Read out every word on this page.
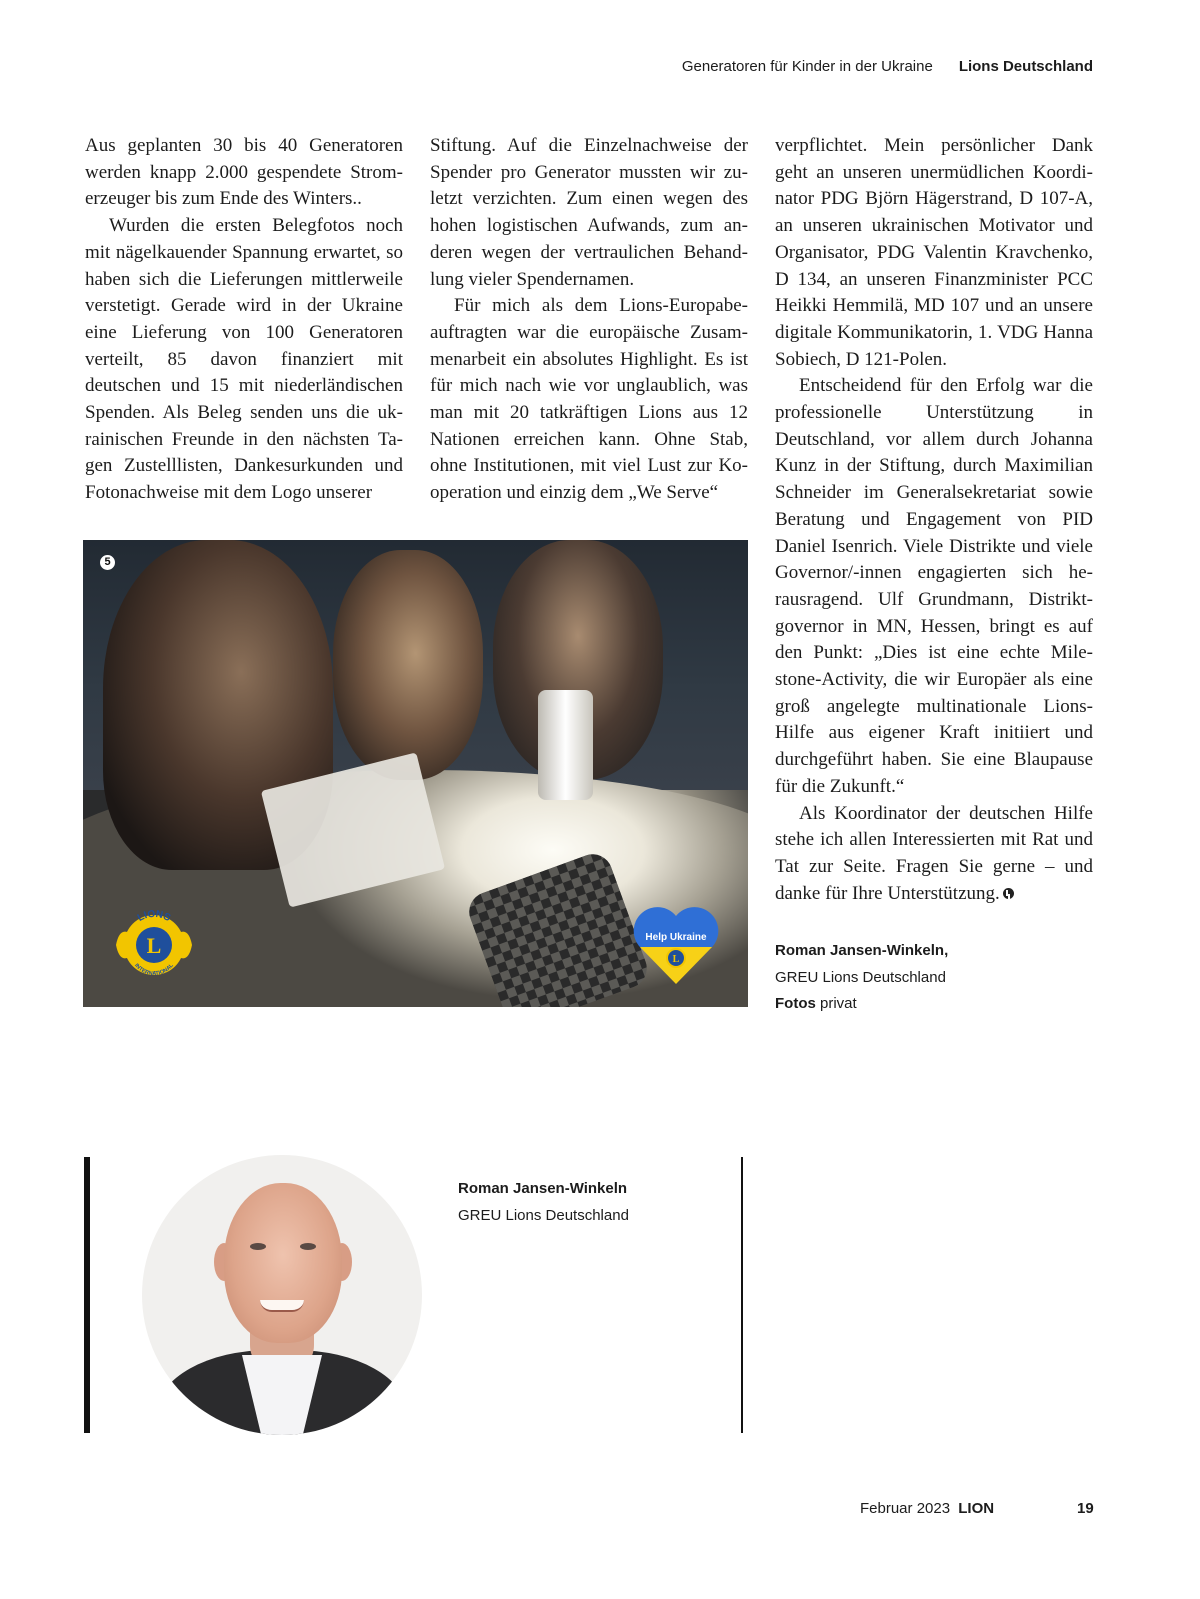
Generatoren für Kinder in der Ukraine Lions Deutschland

Aus geplanten 30 bis 40 Generatoren werden knapp 2.000 gespendete Stromerzeuger bis zum Ende des Winters..

Wurden die ersten Belegfotos noch mit nägelkauender Spannung erwartet, so haben sich die Lieferungen mittlerweile verstetigt. Gerade wird in der Ukraine eine Lieferung von 100 Generatoren verteilt, 85 davon finanziert mit deutschen und 15 mit niederländischen Spenden. Als Beleg senden uns die ukrainischen Freunde in den nächsten Tagen Zustelllisten, Dankesurkunden und Fotonachweise mit dem Logo unserer

Stiftung. Auf die Einzelnachweise der Spender pro Generator mussten wir zuletzt verzichten. Zum einen wegen des hohen logistischen Aufwands, zum anderen wegen der vertraulichen Behandlung vieler Spendernamen.

Für mich als dem Lions-Europabeauftragten war die europäische Zusammenarbeit ein absolutes Highlight. Es ist für mich nach wie vor unglaublich, was man mit 20 tatkräftigen Lions aus 12 Nationen erreichen kann. Ohne Stab, ohne Institutionen, mit viel Lust zur Kooperation und einzig dem „We Serve“

verpflichtet. Mein persönlicher Dank geht an unseren unermüdlichen Koordinator PDG Björn Hägerstrand, D 107-A, an unseren ukrainischen Motivator und Organisator, PDG Valentin Kravchenko, D 134, an unseren Finanzminister PCC Heikki Hemmilä, MD 107 und an unsere digitale Kommunikatorin, 1. VDG Hanna Sobiech, D 121-Polen.

Entscheidend für den Erfolg war die professionelle Unterstützung in Deutschland, vor allem durch Johanna Kunz in der Stiftung, durch Maximilian Schneider im Generalsekretariat sowie Beratung und Engagement von PID Daniel Isenrich. Viele Distrikte und viele Governor/-innen engagierten sich herausragend. Ulf Grundmann, Distriktgovernor in MN, Hessen, bringt es auf den Punkt: „Dies ist eine echte Milestone-Activity, die wir Europäer als eine groß angelegte multinationale Lions-Hilfe aus eigener Kraft initiiert und durchgeführt haben. Sie eine Blaupause für die Zukunft.“

Als Koordinator der deutschen Hilfe stehe ich allen Interessierten mit Rat und Tat zur Seite. Fragen Sie gerne – und danke für Ihre Unterstützung.

Roman Jansen-Winkeln,
GREU Lions Deutschland
Fotos privat
5
L
LIONS
INTERNATIONAL
Help Ukraine
L
Roman Jansen-Winkeln
GREU Lions Deutschland
Februar 2023 LION	19
